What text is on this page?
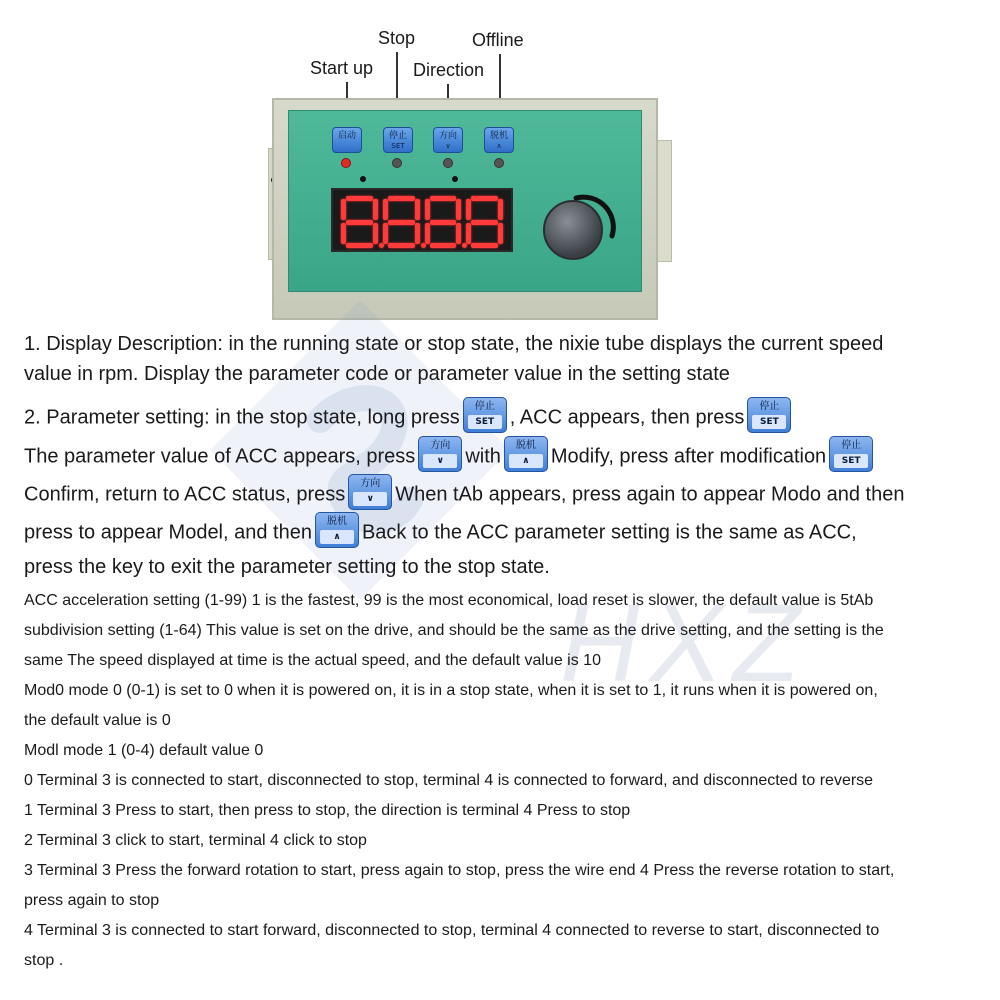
Stop	Offline
Start up Direction
启动	停止
SET
方向
∨
脱机
∧
HXZ
1. Display Description: in the running state or stop state, the nixie tube displays the current speed
value in rpm. Display the parameter code or parameter value in the setting state
2. Parameter setting: in the stop state, long press	停止
SET , ACC appears, then press	停止
SET
The parameter value of ACC appears, press	方向
∨	with	脱机
∧	Modify, press after modification	停止
SET
Confirm, return to ACC status, press	方向
∨	When tAb appears, press again to appear Modo and then
press to appear Model, and then	脱机
∧	Back to the ACC parameter setting is the same as ACC,
press the key to exit the parameter setting to the stop state.
ACC acceleration setting (1-99) 1 is the fastest, 99 is the most economical, load reset is slower, the default value is 5tAb
subdivision setting (1-64) This value is set on the drive, and should be the same as the drive setting, and the setting is the
same The speed displayed at time is the actual speed, and the default value is 10
Mod0 mode 0 (0-1) is set to 0 when it is powered on, it is in a stop state, when it is set to 1, it runs when it is powered on,
the default value is 0
Modl mode 1 (0-4) default value 0
0 Terminal 3 is connected to start, disconnected to stop, terminal 4 is connected to forward, and disconnected to reverse
1 Terminal 3 Press to start, then press to stop, the direction is terminal 4 Press to stop
2 Terminal 3 click to start, terminal 4 click to stop
3 Terminal 3 Press the forward rotation to start, press again to stop, press the wire end 4 Press the reverse rotation to start,
press again to stop
4 Terminal 3 is connected to start forward, disconnected to stop, terminal 4 connected to reverse to start, disconnected to
stop .
